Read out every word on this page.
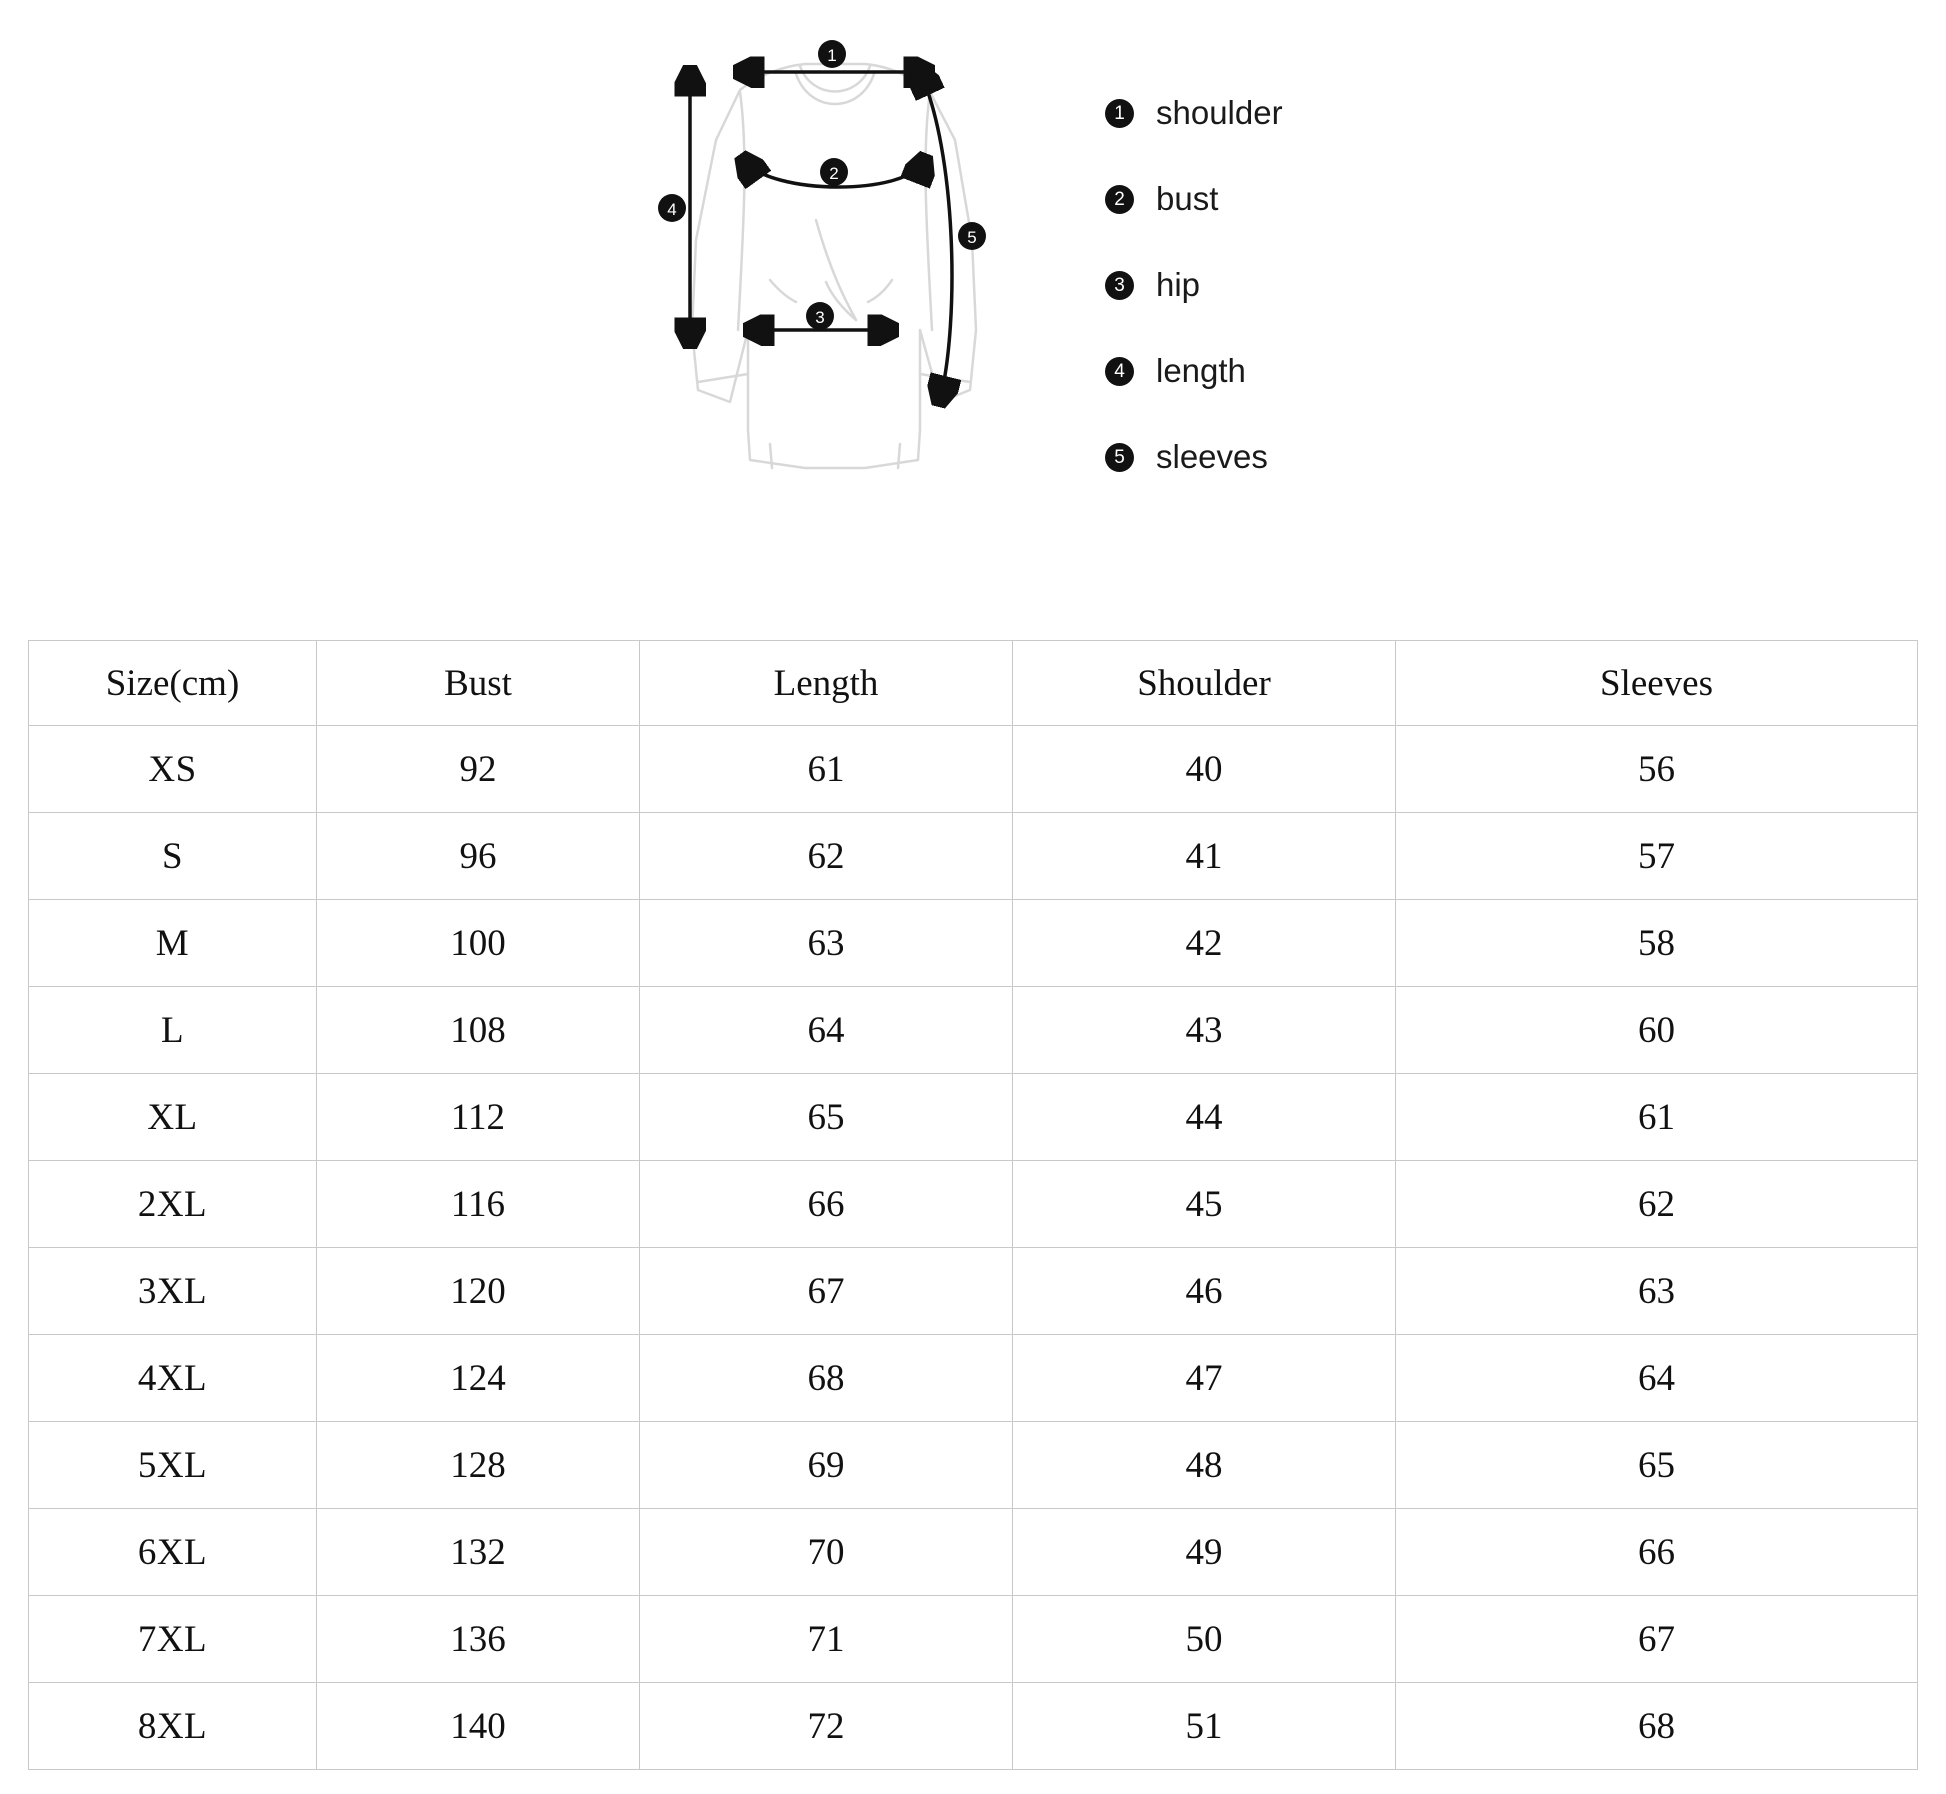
1
2
3
4
5
1 shoulder
2 bust
3 hip
4 length
5 sleeves
Size(cm)	Bust	Length	Shoulder	Sleeves
XS	92	61	40	56
S	96	62	41	57
M	100	63	42	58
L	108	64	43	60
XL	112	65	44	61
2XL	116	66	45	62
3XL	120	67	46	63
4XL	124	68	47	64
5XL	128	69	48	65
6XL	132	70	49	66
7XL	136	71	50	67
8XL	140	72	51	68
